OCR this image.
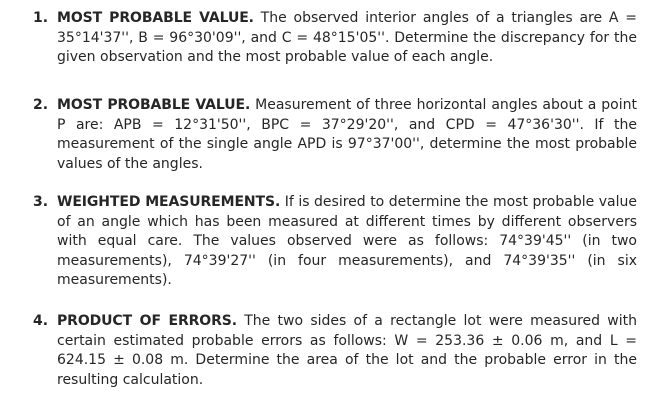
1. MOST PROBABLE VALUE. The observed interior angles of a triangles are A = 35°14'37'', B = 96°30'09'', and C = 48°15'05''. Determine the discrepancy for the given observation and the most probable value of each angle.
2. MOST PROBABLE VALUE. Measurement of three horizontal angles about a point P are: APB = 12°31'50'', BPC = 37°29'20'', and CPD = 47°36'30''. If the measurement of the single angle APD is 97°37'00'', determine the most probable values of the angles.
3. WEIGHTED MEASUREMENTS. If is desired to determine the most probable value of an angle which has been measured at different times by different observers with equal care. The values observed were as follows: 74°39'45'' (in two measurements), 74°39'27'' (in four measurements), and 74°39'35'' (in six measurements).
4. PRODUCT OF ERRORS. The two sides of a rectangle lot were measured with certain estimated probable errors as follows: W = 253.36 ± 0.06 m, and L = 624.15 ± 0.08 m. Determine the area of the lot and the probable error in the resulting calculation.
